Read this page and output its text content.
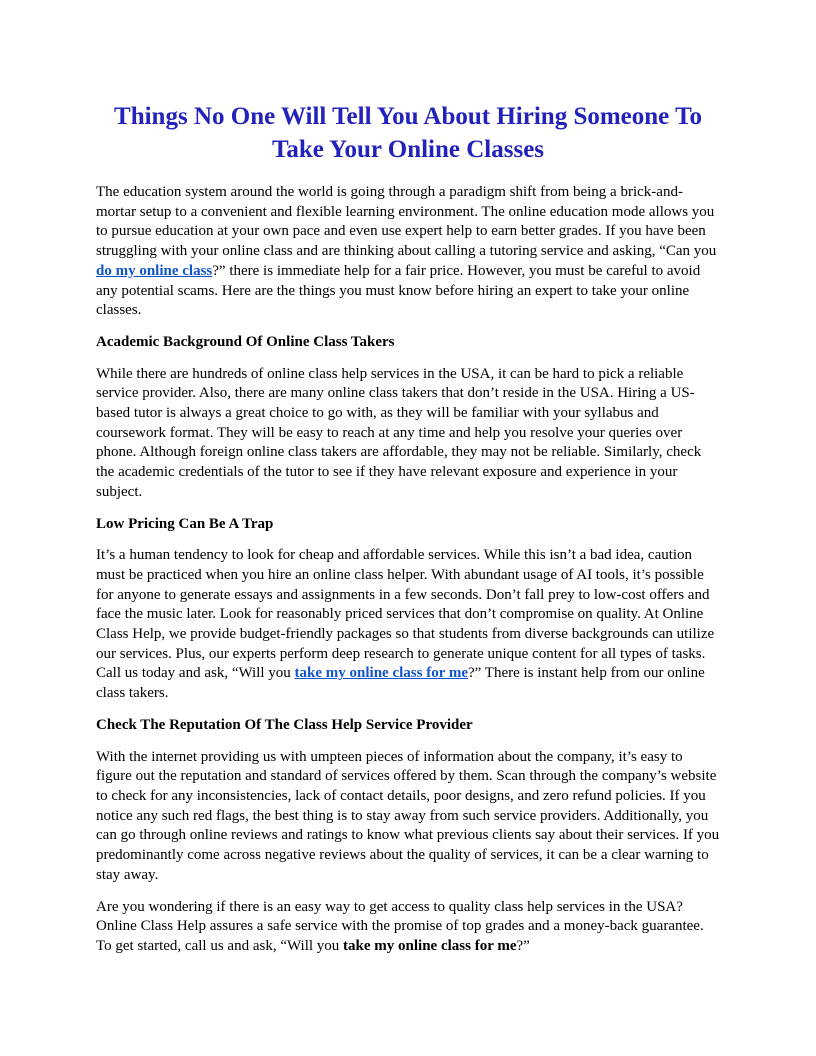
Things No One Will Tell You About Hiring Someone To Take Your Online Classes

The education system around the world is going through a paradigm shift from being a brick-and-mortar setup to a convenient and flexible learning environment. The online education mode allows you to pursue education at your own pace and even use expert help to earn better grades. If you have been struggling with your online class and are thinking about calling a tutoring service and asking, “Can you do my online class?” there is immediate help for a fair price. However, you must be careful to avoid any potential scams. Here are the things you must know before hiring an expert to take your online classes.

Academic Background Of Online Class Takers

While there are hundreds of online class help services in the USA, it can be hard to pick a reliable service provider. Also, there are many online class takers that don’t reside in the USA. Hiring a US-based tutor is always a great choice to go with, as they will be familiar with your syllabus and coursework format. They will be easy to reach at any time and help you resolve your queries over phone. Although foreign online class takers are affordable, they may not be reliable. Similarly, check the academic credentials of the tutor to see if they have relevant exposure and experience in your subject.

Low Pricing Can Be A Trap

It’s a human tendency to look for cheap and affordable services. While this isn’t a bad idea, caution must be practiced when you hire an online class helper. With abundant usage of AI tools, it’s possible for anyone to generate essays and assignments in a few seconds. Don’t fall prey to low-cost offers and face the music later. Look for reasonably priced services that don’t compromise on quality. At Online Class Help, we provide budget-friendly packages so that students from diverse backgrounds can utilize our services. Plus, our experts perform deep research to generate unique content for all types of tasks. Call us today and ask, “Will you take my online class for me?” There is instant help from our online class takers.

Check The Reputation Of The Class Help Service Provider

With the internet providing us with umpteen pieces of information about the company, it’s easy to figure out the reputation and standard of services offered by them. Scan through the company’s website to check for any inconsistencies, lack of contact details, poor designs, and zero refund policies. If you notice any such red flags, the best thing is to stay away from such service providers. Additionally, you can go through online reviews and ratings to know what previous clients say about their services. If you predominantly come across negative reviews about the quality of services, it can be a clear warning to stay away.

Are you wondering if there is an easy way to get access to quality class help services in the USA? Online Class Help assures a safe service with the promise of top grades and a money-back guarantee. To get started, call us and ask, “Will you take my online class for me?”
